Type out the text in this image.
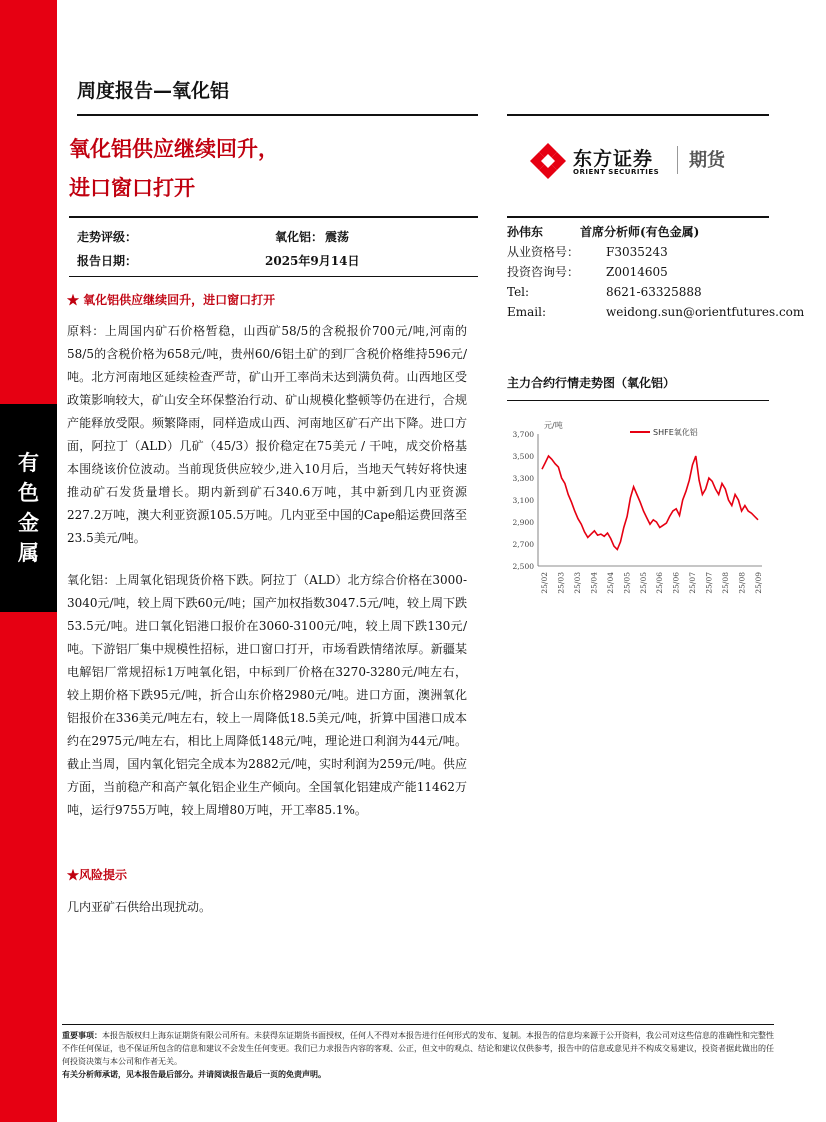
有
色
金
属
周度报告—氧化铝
氧化铝供应继续回升，
进口窗口打开
东方证券
ORIENT SECURITIES
期货
走势评级：	氧化铝： 震荡
报告日期：	2025年9月14日
★ 氧化铝供应继续回升，进口窗口打开
原料：上周国内矿石价格暂稳，山西矿58/5的含税报价700元/吨,河南的58/5的含税价格为658元/吨，贵州60/6铝土矿的到厂含税价格维持596元/吨。北方河南地区延续检查严苛，矿山开工率尚未达到满负荷。山西地区受政策影响较大，矿山安全环保整治行动、矿山规模化整顿等仍在进行，合规产能释放受限。频繁降雨，同样造成山西、河南地区矿石产出下降。进口方面，阿拉丁（ALD）几矿（45/3）报价稳定在75美元 / 干吨，成交价格基本围绕该价位波动。当前现货供应较少,进入10月后，当地天气转好将快速推动矿石发货量增长。期内新到矿石340.6万吨，其中新到几内亚资源227.2万吨，澳大利亚资源105.5万吨。几内亚至中国的Cape船运费回落至23.5美元/吨。
氧化铝：上周氧化铝现货价格下跌。阿拉丁（ALD）北方综合价格在3000-3040元/吨，较上周下跌60元/吨；国产加权指数3047.5元/吨，较上周下跌53.5元/吨。进口氧化铝港口报价在3060-3100元/吨，较上周下跌130元/吨。下游铝厂集中规模性招标，进口窗口打开，市场看跌情绪浓厚。新疆某电解铝厂常规招标1万吨氧化铝，中标到厂价格在3270-3280元/吨左右，较上期价格下跌95元/吨，折合山东价格2980元/吨。进口方面，澳洲氧化铝报价在336美元/吨左右，较上一周降低18.5美元/吨，折算中国港口成本约在2975元/吨左右，相比上周降低148元/吨，理论进口利润为44元/吨。截止当周，国内氧化铝完全成本为2882元/吨，实时利润为259元/吨。供应方面，当前稳产和高产氧化铝企业生产倾向。全国氧化铝建成产能11462万吨，运行9755万吨，较上周增80万吨，开工率85.1%。
★风险提示
几内亚矿石供给出现扰动。
孙伟东	首席分析师(有色金属)
从业资格号： F3035243
投资咨询号： Z0014605
Tel:	8621-63325888
Email:	weidong.sun@orientfutures.com
主力合约行情走势图（氧化铝）
元/吨
3,700
3,500
3,300
3,100
2,900
2,700
2,500
25/02 25/03 25/03 25/04 25/04 25/05 25/05 25/06 25/06 25/07 25/07 25/08 25/08 25/09
SHFE氧化铝
重要事项：本报告版权归上海东证期货有限公司所有。未获得东证期货书面授权，任何人不得对本报告进行任何形式的发布、复制。本报告的信息均来源于公开资料，我公司对这些信息的准确性和完整性不作任何保证，也不保证所包含的信息和建议不会发生任何变更。我们已力求报告内容的客观、公正，但文中的观点、结论和建议仅供参考，报告中的信息或意见并不构成交易建议，投资者据此做出的任何投资决策与本公司和作者无关。
有关分析师承诺，见本报告最后部分。并请阅读报告最后一页的免责声明。
